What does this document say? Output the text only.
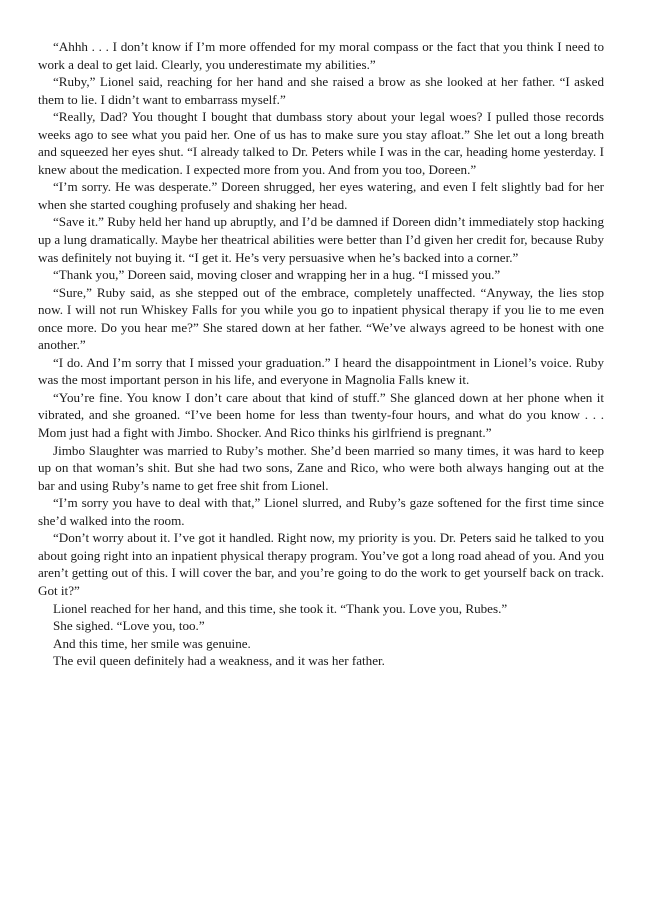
“Ahhh . . . I don’t know if I’m more offended for my moral compass or the fact that you think I need to work a deal to get laid. Clearly, you underestimate my abilities.”

“Ruby,” Lionel said, reaching for her hand and she raised a brow as she looked at her father. “I asked them to lie. I didn’t want to embarrass myself.”

“Really, Dad? You thought I bought that dumbass story about your legal woes? I pulled those records weeks ago to see what you paid her. One of us has to make sure you stay afloat.” She let out a long breath and squeezed her eyes shut. “I already talked to Dr. Peters while I was in the car, heading home yesterday. I knew about the medication. I expected more from you. And from you too, Doreen.”

“I’m sorry. He was desperate.” Doreen shrugged, her eyes watering, and even I felt slightly bad for her when she started coughing profusely and shaking her head.

“Save it.” Ruby held her hand up abruptly, and I’d be damned if Doreen didn’t immediately stop hacking up a lung dramatically. Maybe her theatrical abilities were better than I’d given her credit for, because Ruby was definitely not buying it. “I get it. He’s very persuasive when he’s backed into a corner.”

“Thank you,” Doreen said, moving closer and wrapping her in a hug. “I missed you.”

“Sure,” Ruby said, as she stepped out of the embrace, completely unaffected. “Anyway, the lies stop now. I will not run Whiskey Falls for you while you go to inpatient physical therapy if you lie to me even once more. Do you hear me?” She stared down at her father. “We’ve always agreed to be honest with one another.”

“I do. And I’m sorry that I missed your graduation.” I heard the disappointment in Lionel’s voice. Ruby was the most important person in his life, and everyone in Magnolia Falls knew it.

“You’re fine. You know I don’t care about that kind of stuff.” She glanced down at her phone when it vibrated, and she groaned. “I’ve been home for less than twenty-four hours, and what do you know . . . Mom just had a fight with Jimbo. Shocker. And Rico thinks his girlfriend is pregnant.”

Jimbo Slaughter was married to Ruby’s mother. She’d been married so many times, it was hard to keep up on that woman’s shit. But she had two sons, Zane and Rico, who were both always hanging out at the bar and using Ruby’s name to get free shit from Lionel.

“I’m sorry you have to deal with that,” Lionel slurred, and Ruby’s gaze softened for the first time since she’d walked into the room.

“Don’t worry about it. I’ve got it handled. Right now, my priority is you. Dr. Peters said he talked to you about going right into an inpatient physical therapy program. You’ve got a long road ahead of you. And you aren’t getting out of this. I will cover the bar, and you’re going to do the work to get yourself back on track. Got it?”

Lionel reached for her hand, and this time, she took it. “Thank you. Love you, Rubes.”

She sighed. “Love you, too.”

And this time, her smile was genuine.

The evil queen definitely had a weakness, and it was her father.
